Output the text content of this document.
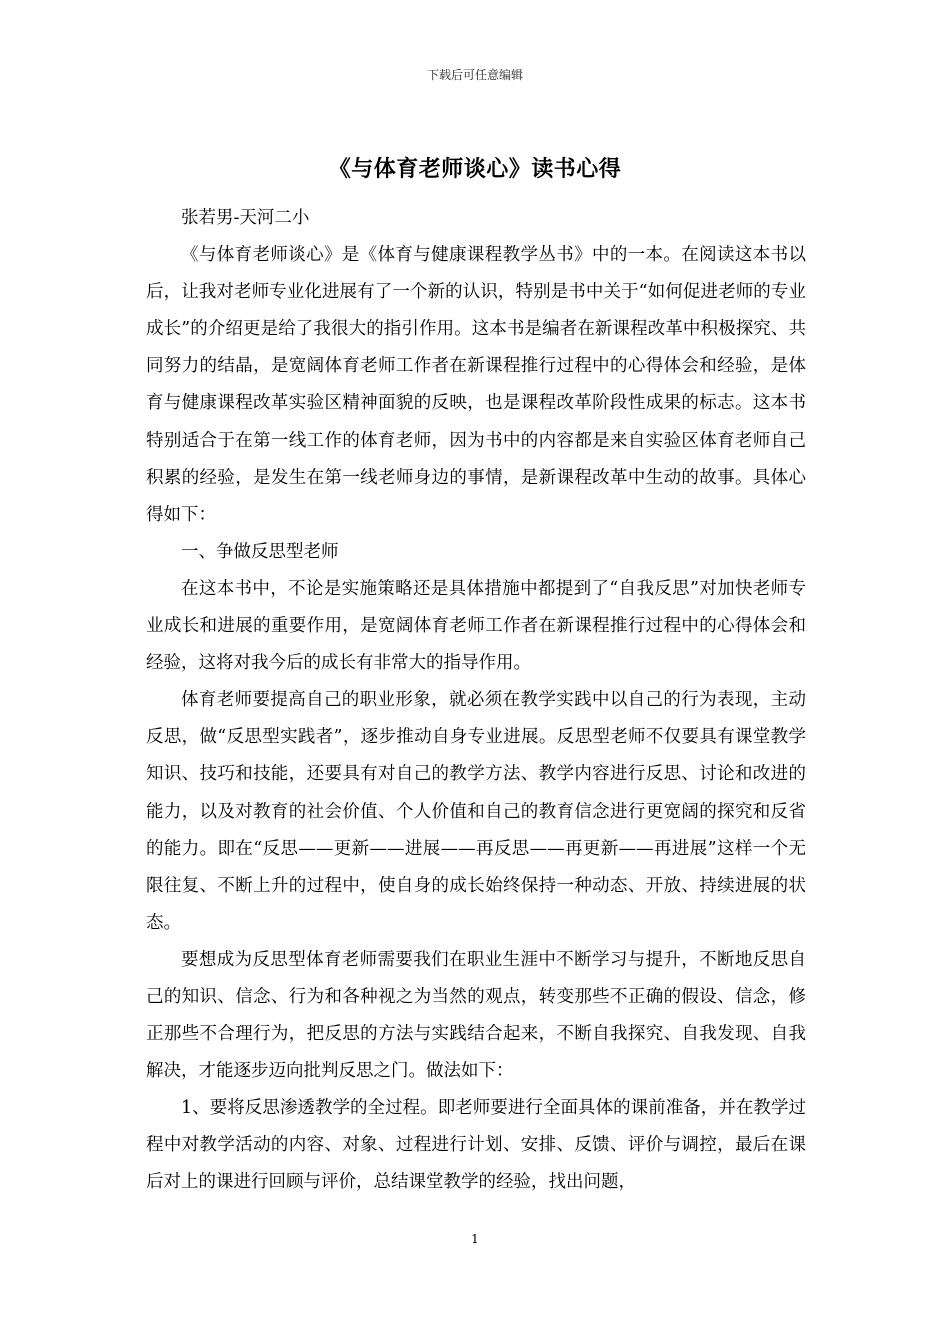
下载后可任意编辑
《与体育老师谈心》读书心得

张若男-天河二小

《与体育老师谈心》是《体育与健康课程教学丛书》中的一本。在阅读这本书以后，让我对老师专业化进展有了一个新的认识，特别是书中关于“如何促进老师的专业成长”的介绍更是给了我很大的指引作用。这本书是编者在新课程改革中积极探究、共同努力的结晶，是宽阔体育老师工作者在新课程推行过程中的心得体会和经验，是体育与健康课程改革实验区精神面貌的反映，也是课程改革阶段性成果的标志。这本书特别适合于在第一线工作的体育老师，因为书中的内容都是来自实验区体育老师自己积累的经验，是发生在第一线老师身边的事情，是新课程改革中生动的故事。具体心得如下：

一、争做反思型老师

在这本书中，不论是实施策略还是具体措施中都提到了“自我反思”对加快老师专业成长和进展的重要作用，是宽阔体育老师工作者在新课程推行过程中的心得体会和经验，这将对我今后的成长有非常大的指导作用。

体育老师要提高自己的职业形象，就必须在教学实践中以自己的行为表现，主动反思，做“反思型实践者”，逐步推动自身专业进展。反思型老师不仅要具有课堂教学知识、技巧和技能，还要具有对自己的教学方法、教学内容进行反思、讨论和改进的能力，以及对教育的社会价值、个人价值和自己的教育信念进行更宽阔的探究和反省的能力。即在“反思——更新——进展——再反思——再更新——再进展”这样一个无限往复、不断上升的过程中，使自身的成长始终保持一种动态、开放、持续进展的状态。

要想成为反思型体育老师需要我们在职业生涯中不断学习与提升，不断地反思自己的知识、信念、行为和各种视之为当然的观点，转变那些不正确的假设、信念，修正那些不合理行为，把反思的方法与实践结合起来，不断自我探究、自我发现、自我解决，才能逐步迈向批判反思之门。做法如下：

1、要将反思渗透教学的全过程。即老师要进行全面具体的课前准备，并在教学过程中对教学活动的内容、对象、过程进行计划、安排、反馈、评价与调控，最后在课后对上的课进行回顾与评价，总结课堂教学的经验，找出问题，

1
